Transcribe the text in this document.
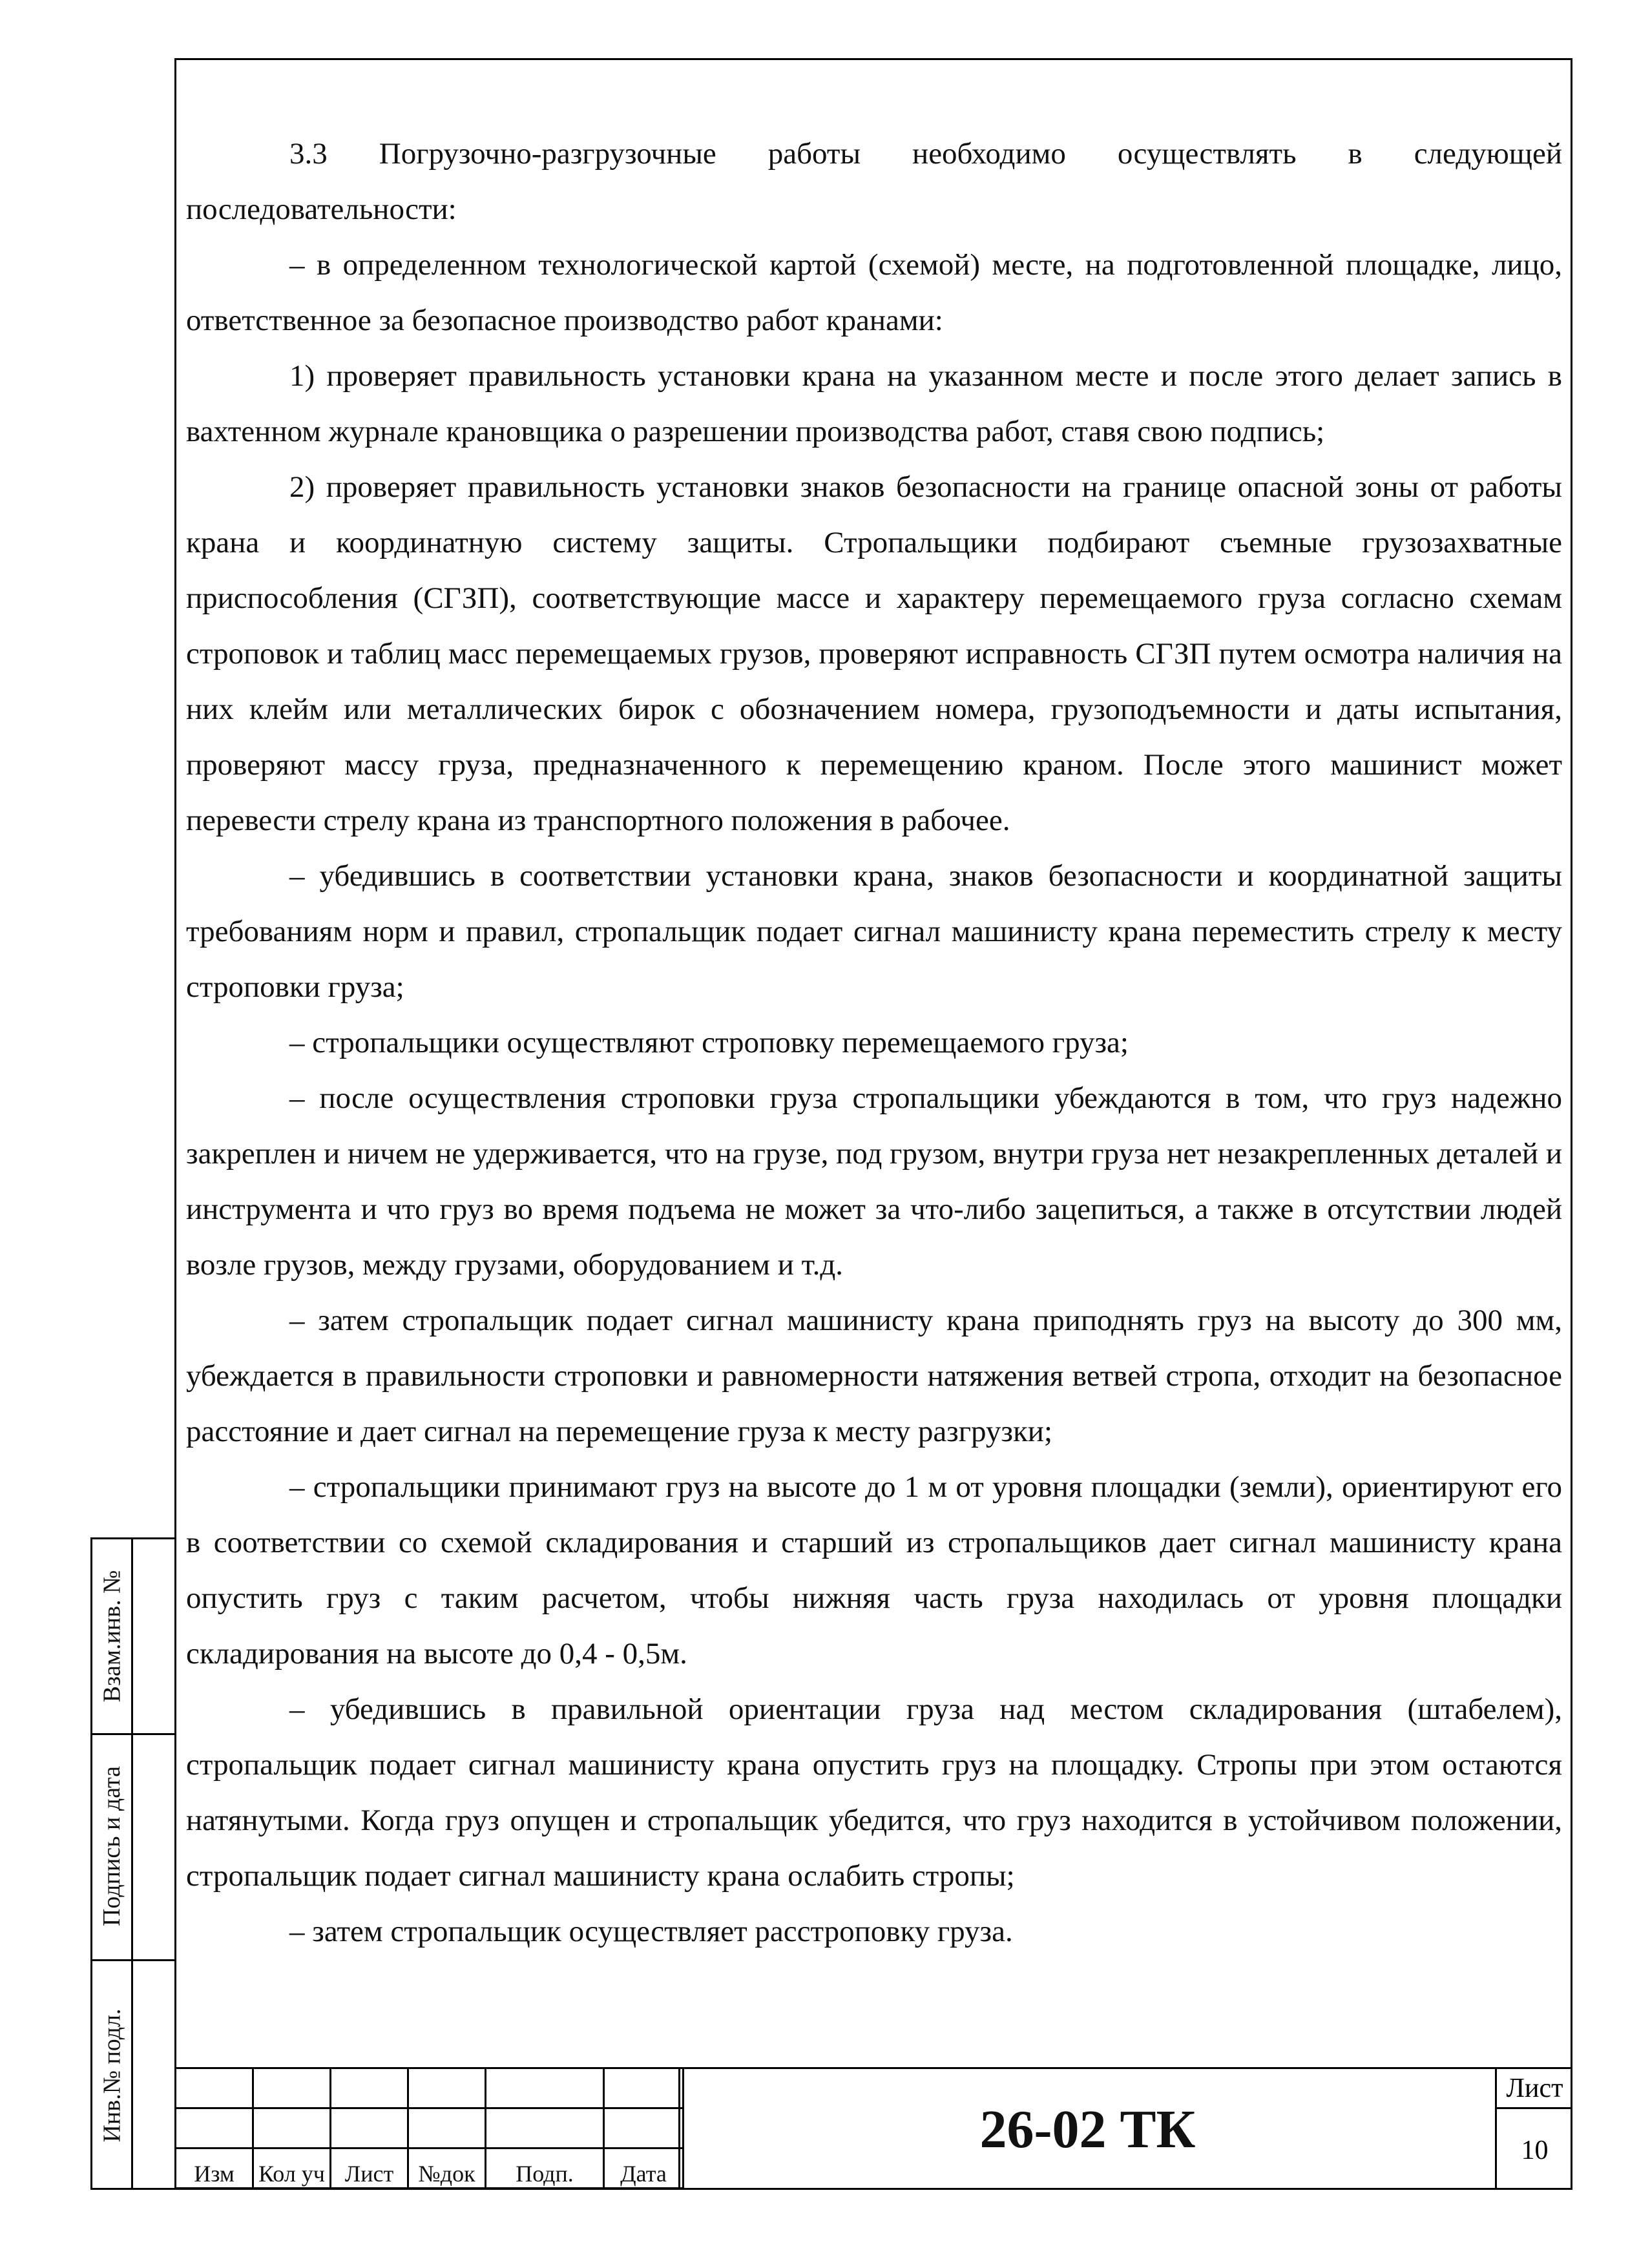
3.3 Погрузочно-разгрузочные работы необходимо осуществлять в следующей последовательности:

– в определенном технологической картой (схемой) месте, на подготовленной площадке, лицо, ответственное за безопасное производство работ кранами:

1) проверяет правильность установки крана на указанном месте и после этого делает запись в вахтенном журнале крановщика о разрешении производства работ, ставя свою подпись;

2) проверяет правильность установки знаков безопасности на границе опасной зоны от работы крана и координатную систему защиты. Стропальщики подбирают съемные грузозахватные приспособления (СГЗП), соответствующие массе и характеру перемещаемого груза согласно схемам строповок и таблиц масс перемещаемых грузов, проверяют исправность СГЗП путем осмотра наличия на них клейм или металлических бирок с обозначением номера, грузоподъемности и даты испытания, проверяют массу груза, предназначенного к перемещению краном. После этого машинист может перевести стрелу крана из транспортного положения в рабочее.

– убедившись в соответствии установки крана, знаков безопасности и координатной защиты требованиям норм и правил, стропальщик подает сигнал машинисту крана переместить стрелу к месту строповки груза;

– стропальщики осуществляют строповку перемещаемого груза;

– после осуществления строповки груза стропальщики убеждаются в том, что груз надежно закреплен и ничем не удерживается, что на грузе, под грузом, внутри груза нет незакрепленных деталей и инструмента и что груз во время подъема не может за что-либо зацепиться, а также в отсутствии людей возле грузов, между грузами, оборудованием и т.д.

– затем стропальщик подает сигнал машинисту крана приподнять груз на высоту до 300 мм, убеждается в правильности строповки и равномерности натяжения ветвей стропа, отходит на безопасное расстояние и дает сигнал на перемещение груза к месту разгрузки;

– стропальщики принимают груз на высоте до 1 м от уровня площадки (земли), ориентируют его в соответствии со схемой складирования и старший из стропальщиков дает сигнал машинисту крана опустить груз с таким расчетом, чтобы нижняя часть груза находилась от уровня площадки складирования на высоте до 0,4 - 0,5м.

– убедившись в правильной ориентации груза над местом складирования (штабелем), стропальщик подает сигнал машинисту крана опустить груз на площадку. Стропы при этом остаются натянутыми. Когда груз опущен и стропальщик убедится, что груз находится в устойчивом положении, стропальщик подает сигнал машинисту крана ослабить стропы;

– затем стропальщик осуществляет расстроповку груза.

Взам.инв. №
Подпись и дата
Инв.№ подл.

Изм	Кол уч	Лист	№док	Подп.	Дата
26-02 ТК
Лист
10
